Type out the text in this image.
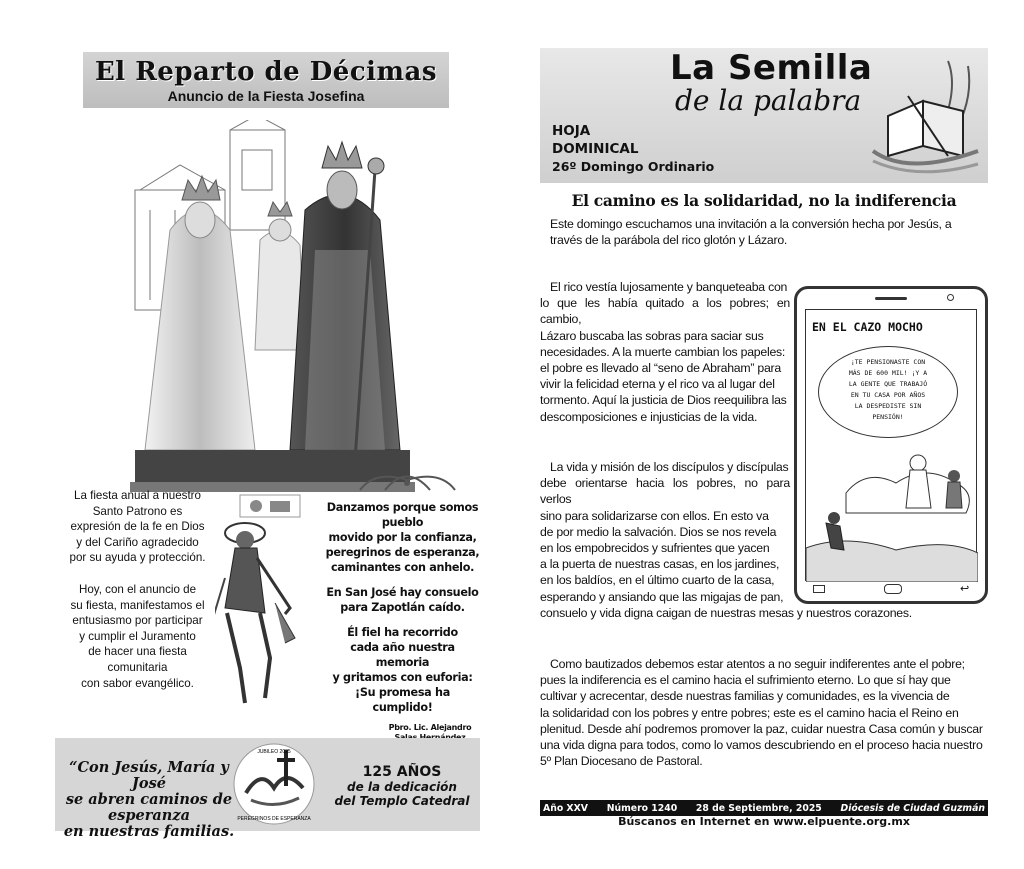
El Reparto de Décimas
Anuncio de la Fiesta Josefina
La fiesta anual a nuestro
Santo Patrono es
expresión de la fe en Dios
y del Cariño agradecido
por su ayuda y protección.
Hoy, con el anuncio de
su fiesta, manifestamos el
entusiasmo por participar
y cumplir el Juramento
de hacer una fiesta
comunitaria
con sabor evangélico.
Danzamos porque somos pueblo
movido por la confianza,
peregrinos de esperanza,
caminantes con anhelo.
En San José hay consuelo
para Zapotlán caído.
Él fiel ha recorrido
cada año nuestra memoria
y gritamos con euforia:
¡Su promesa ha cumplido!
Pbro. Lic. Alejandro
“Con Jesús, María y José
se abren caminos de esperanza
en nuestras familias.
JUBILEO 2025
PEREGRINOS DE ESPERANZA
125 AÑOS
de la dedicación
del Templo Catedral
La Semilla
de la palabra
HOJA
DOMINICAL
26º Domingo Ordinario
El camino es la solidaridad, no la indiferencia
Este domingo escuchamos una invitación a la conversión hecha por Jesús, a
través de la parábola del rico glotón y Lázaro.
El rico vestía lujosamente y banqueteaba con
lo que les había quitado a los pobres; en cambio,
Lázaro buscaba las sobras para saciar sus
necesidades. A la muerte cambian los papeles:
el pobre es llevado al “seno de Abraham” para
vivir la felicidad eterna y el rico va al lugar del
tormento. Aquí la justicia de Dios reequilibra las
descomposiciones e injusticias de la vida.
La vida y misión de los discípulos y discípulas
debe orientarse hacia los pobres, no para verlos
sino para solidarizarse con ellos. En esto va
de por medio la salvación. Dios se nos revela
en los empobrecidos y sufrientes que yacen
a la puerta de nuestras casas, en los jardines,
en los baldíos, en el último cuarto de la casa,
esperando y ansiando que las migajas de pan,
consuelo y vida digna caigan de nuestras mesas y nuestros corazones.
Como bautizados debemos estar atentos a no seguir indiferentes ante el pobre;
pues la indiferencia es el camino hacia el sufrimiento eterno. Lo que sí hay que
cultivar y acrecentar, desde nuestras familias y comunidades, es la vivencia de
la solidaridad con los pobres y entre pobres; este es el camino hacia el Reino en
plenitud. Desde ahí podremos promover la paz, cuidar nuestra Casa común y buscar
una vida digna para todos, como lo vamos descubriendo en el proceso hacia nuestro
5º Plan Diocesano de Pastoral.
EN EL CAZO MOCHO
¡TE PENSIONASTE CON
MÁS DE 600 MIL! ¡Y A
LA GENTE QUE TRABAJÓ
EN TU CASA POR AÑOS
LA DESPEDISTE SIN
PENSIÓN!
↩
Año XXV Número 1240 28 de Septiembre, 2025 Diócesis de Ciudad Guzmán
Búscanos en Internet en www.elpuente.org.mx
